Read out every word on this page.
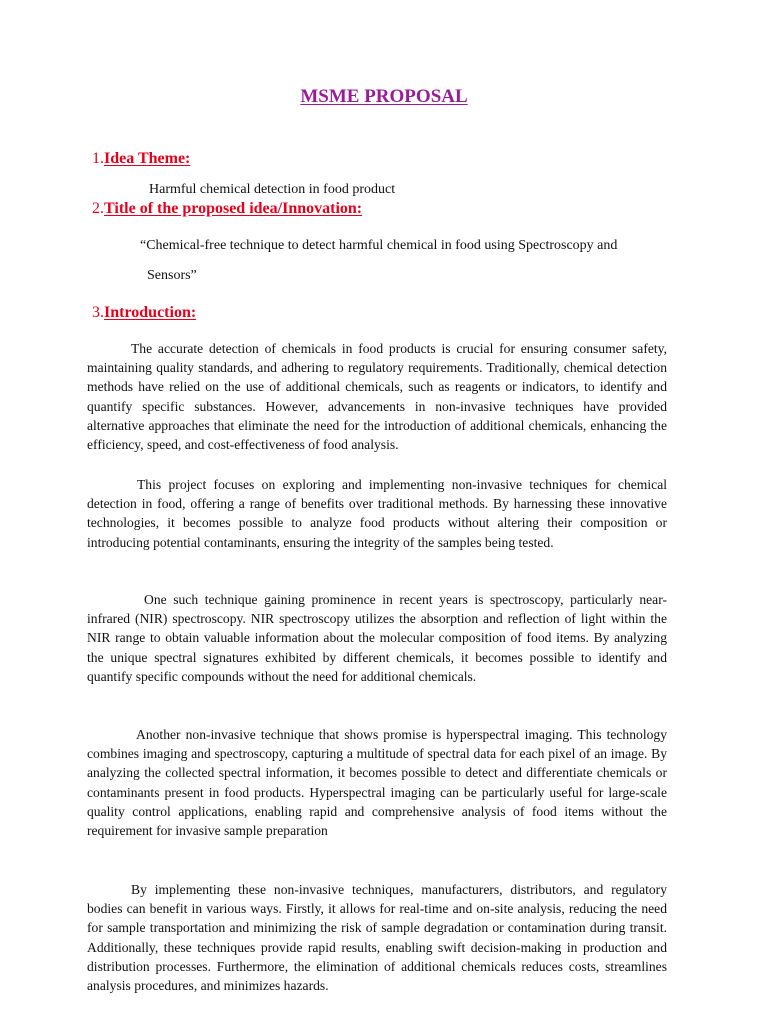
MSME PROPOSAL
1.Idea Theme:
Harmful chemical detection in food product
2.Title of the proposed idea/Innovation:
“Chemical-free technique to detect harmful chemical in food using Spectroscopy and
Sensors”
3.Introduction:
The accurate detection of chemicals in food products is crucial for ensuring consumer safety, maintaining quality standards, and adhering to regulatory requirements. Traditionally, chemical detection methods have relied on the use of additional chemicals, such as reagents or indicators, to identify and quantify specific substances. However, advancements in non-invasive techniques have provided alternative approaches that eliminate the need for the introduction of additional chemicals, enhancing the efficiency, speed, and cost-effectiveness of food analysis.
This project focuses on exploring and implementing non-invasive techniques for chemical detection in food, offering a range of benefits over traditional methods. By harnessing these innovative technologies, it becomes possible to analyze food products without altering their composition or introducing potential contaminants, ensuring the integrity of the samples being tested.
One such technique gaining prominence in recent years is spectroscopy, particularly near-infrared (NIR) spectroscopy. NIR spectroscopy utilizes the absorption and reflection of light within the NIR range to obtain valuable information about the molecular composition of food items. By analyzing the unique spectral signatures exhibited by different chemicals, it becomes possible to identify and quantify specific compounds without the need for additional chemicals.
Another non-invasive technique that shows promise is hyperspectral imaging. This technology combines imaging and spectroscopy, capturing a multitude of spectral data for each pixel of an image. By analyzing the collected spectral information, it becomes possible to detect and differentiate chemicals or contaminants present in food products. Hyperspectral imaging can be particularly useful for large-scale quality control applications, enabling rapid and comprehensive analysis of food items without the requirement for invasive sample preparation
By implementing these non-invasive techniques, manufacturers, distributors, and regulatory bodies can benefit in various ways. Firstly, it allows for real-time and on-site analysis, reducing the need for sample transportation and minimizing the risk of sample degradation or contamination during transit. Additionally, these techniques provide rapid results, enabling swift decision-making in production and distribution processes. Furthermore, the elimination of additional chemicals reduces costs, streamlines analysis procedures, and minimizes hazards.
